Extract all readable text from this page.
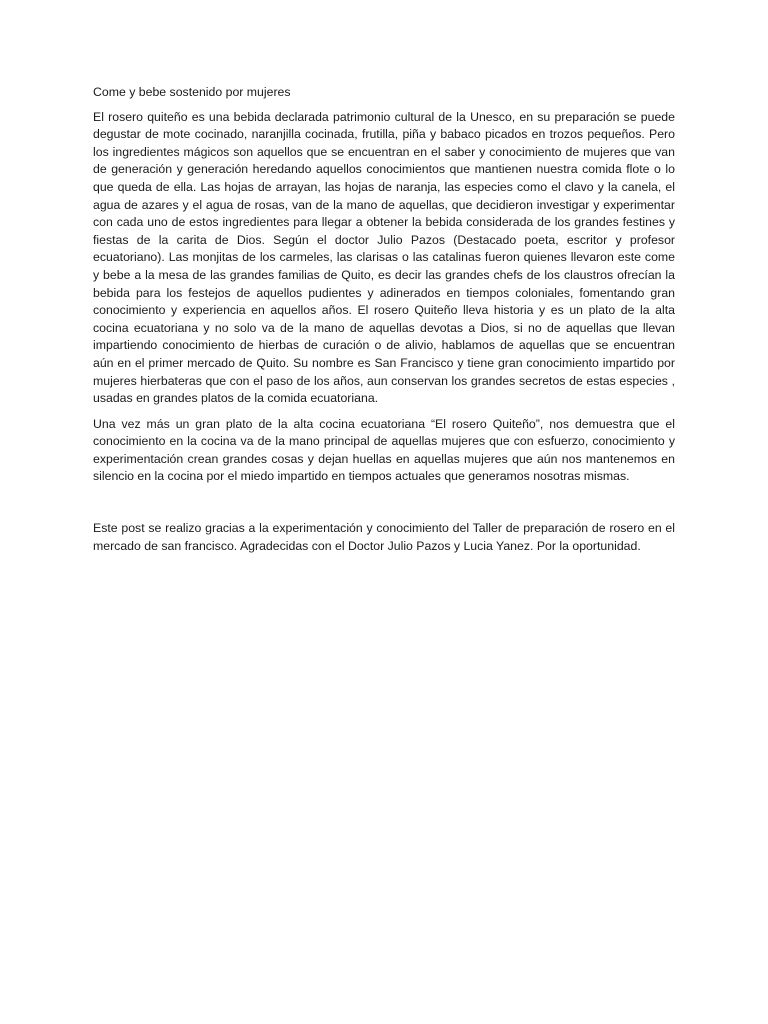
Come y bebe sostenido por mujeres

El rosero quiteño es una bebida declarada patrimonio cultural de la Unesco, en su preparación se puede degustar de mote cocinado, naranjilla cocinada, frutilla, piña y babaco picados en trozos pequeños. Pero los ingredientes mágicos son aquellos que se encuentran en el saber y conocimiento de mujeres que van de generación y generación heredando aquellos conocimientos que mantienen nuestra comida flote o lo que queda de ella. Las hojas de arrayan, las hojas de naranja, las especies como el clavo y la canela, el agua de azares y el agua de rosas, van de la mano de aquellas, que decidieron investigar y experimentar con cada uno de estos ingredientes para llegar a obtener la bebida considerada de los grandes festines y fiestas de la carita de Dios. Según el doctor Julio Pazos (Destacado poeta, escritor y profesor ecuatoriano). Las monjitas de los carmeles, las clarisas o las catalinas fueron quienes llevaron este come y bebe a la mesa de las grandes familias de Quito, es decir las grandes chefs de los claustros ofrecían la bebida para los festejos de aquellos pudientes y adinerados en tiempos coloniales, fomentando gran conocimiento y experiencia en aquellos años. El rosero Quiteño lleva historia y es un plato de la alta cocina ecuatoriana y no solo va de la mano de aquellas devotas a Dios, si no de aquellas que llevan impartiendo conocimiento de hierbas de curación o de alivio, hablamos de aquellas que se encuentran aún en el primer mercado de Quito. Su nombre es San Francisco y tiene gran conocimiento impartido por mujeres hierbateras que con el paso de los años, aun conservan los grandes secretos de estas especies , usadas en grandes platos de la comida ecuatoriana.

Una vez más un gran plato de la alta cocina ecuatoriana “El rosero Quiteño”, nos demuestra que el conocimiento en la cocina va de la mano principal de aquellas mujeres que con esfuerzo, conocimiento y experimentación crean grandes cosas y dejan huellas en aquellas mujeres que aún nos mantenemos en silencio en la cocina por el miedo impartido en tiempos actuales que generamos nosotras mismas.

Este post se realizo gracias a la experimentación y conocimiento del Taller de preparación de rosero en el mercado de san francisco. Agradecidas con el Doctor Julio Pazos y Lucia Yanez. Por la oportunidad.
